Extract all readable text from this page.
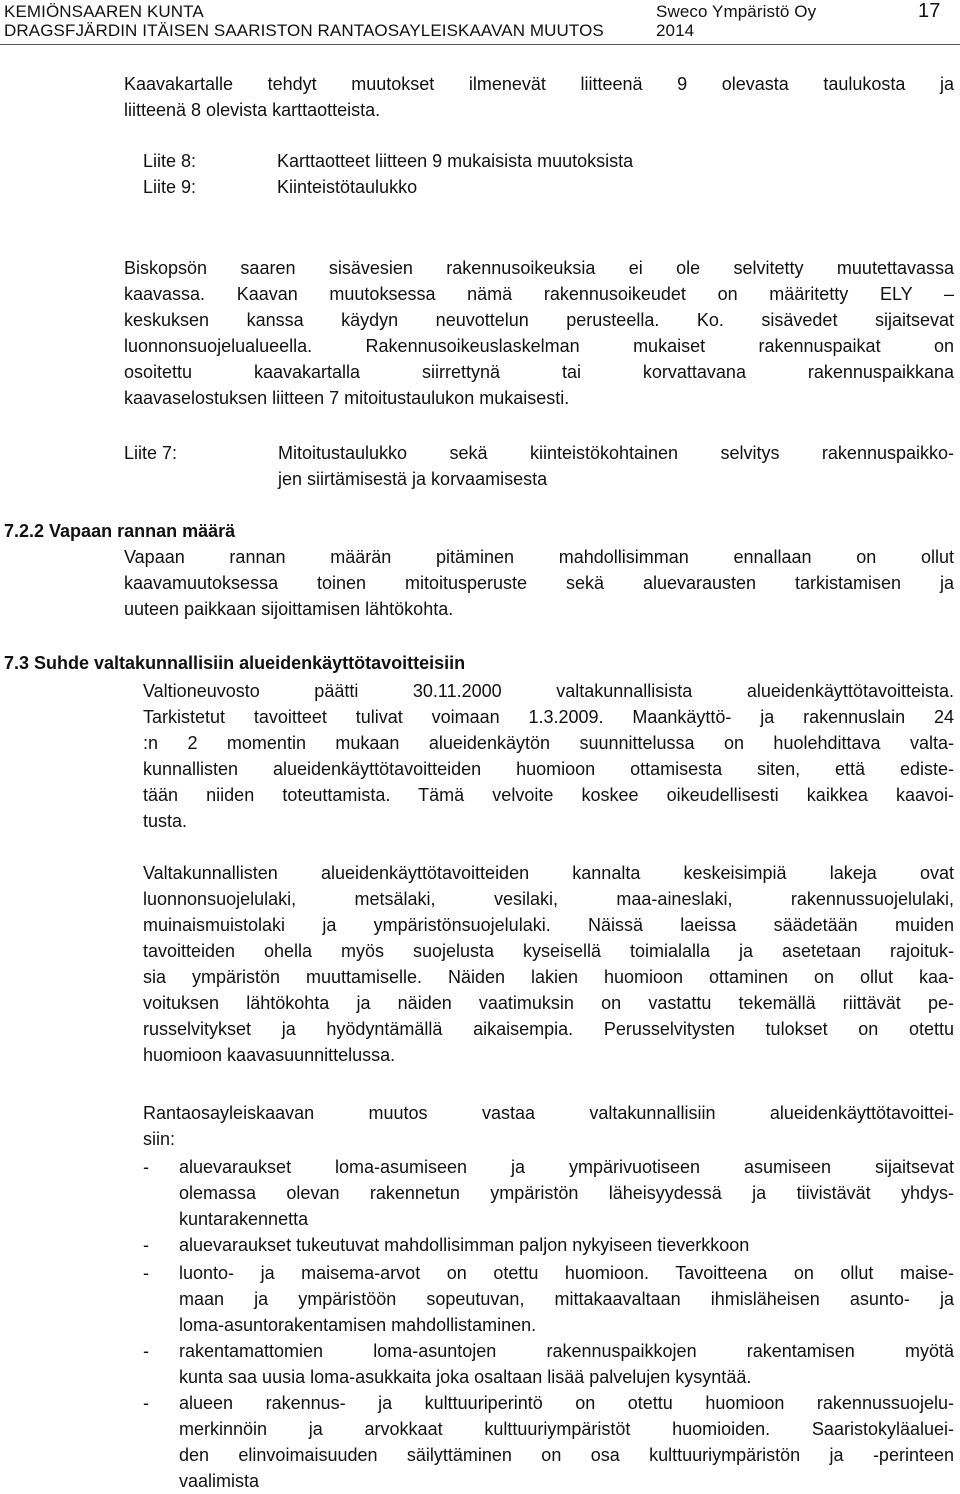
KEMIÖNSAAREN KUNTA
DRAGSFJÄRDIN ITÄISEN SAARISTON RANTAOSAYLEISKAAVAN MUUTOS
Sweco Ympäristö Oy
2014
17
Kaavakartalle tehdyt muutokset ilmenevät liitteenä 9 olevasta taulukosta ja
liitteenä 8 olevista karttaotteista.
Liite 8:	Karttaotteet liitteen 9 mukaisista muutoksista
Liite 9:	Kiinteistötaulukko
Biskopsön saaren sisävesien rakennusoikeuksia ei ole selvitetty muutettavassa
kaavassa. Kaavan muutoksessa nämä rakennusoikeudet on määritetty ELY –
keskuksen kanssa käydyn neuvottelun perusteella. Ko. sisävedet sijaitsevat
luonnonsuojelualueella. Rakennusoikeuslaskelman mukaiset rakennuspaikat on
osoitettu kaavakartalla siirrettynä tai korvattavana rakennuspaikkana
kaavaselostuksen liitteen 7 mitoitustaulukon mukaisesti.
Liite 7:	Mitoitustaulukko sekä kiinteistökohtainen selvitys rakennuspaikko-
jen siirtämisestä ja korvaamisesta
7.2.2 Vapaan rannan määrä
Vapaan rannan määrän pitäminen mahdollisimman ennallaan on ollut
kaavamuutoksessa toinen mitoitusperuste sekä aluevarausten tarkistamisen ja
uuteen paikkaan sijoittamisen lähtökohta.
7.3 Suhde valtakunnallisiin alueidenkäyttötavoitteisiin
Valtioneuvosto päätti 30.11.2000 valtakunnallisista alueidenkäyttötavoitteista.
Tarkistetut tavoitteet tulivat voimaan 1.3.2009. Maankäyttö- ja rakennuslain 24
:n 2 momentin mukaan alueidenkäytön suunnittelussa on huolehdittava valta-
kunnallisten alueidenkäyttötavoitteiden huomioon ottamisesta siten, että ediste-
tään niiden toteuttamista. Tämä velvoite koskee oikeudellisesti kaikkea kaavoi-
tusta.
Valtakunnallisten alueidenkäyttötavoitteiden kannalta keskeisimpiä lakeja ovat
luonnonsuojelulaki, metsälaki, vesilaki, maa-aineslaki, rakennussuojelulaki,
muinaismuistolaki ja ympäristönsuojelulaki. Näissä laeissa säädetään muiden
tavoitteiden ohella myös suojelusta kyseisellä toimialalla ja asetetaan rajoituk-
sia ympäristön muuttamiselle. Näiden lakien huomioon ottaminen on ollut kaa-
voituksen lähtökohta ja näiden vaatimuksin on vastattu tekemällä riittävät pe-
russelvitykset ja hyödyntämällä aikaisempia. Perusselvitysten tulokset on otettu
huomioon kaavasuunnittelussa.
Rantaosayleiskaavan muutos vastaa valtakunnallisiin alueidenkäyttötavoittei-
siin:
- aluevaraukset loma-asumiseen ja ympärivuotiseen asumiseen sijaitsevat
olemassa olevan rakennetun ympäristön läheisyydessä ja tiivistävät yhdys-
kuntarakennetta
- aluevaraukset tukeutuvat mahdollisimman paljon nykyiseen tieverkkoon
- luonto- ja maisema-arvot on otettu huomioon. Tavoitteena on ollut maise-
maan ja ympäristöön sopeutuvan, mittakaavaltaan ihmisläheisen asunto- ja
loma-asuntorakentamisen mahdollistaminen.
- rakentamattomien loma-asuntojen rakennuspaikkojen rakentamisen myötä
kunta saa uusia loma-asukkaita joka osaltaan lisää palvelujen kysyntää.
- alueen rakennus- ja kulttuuriperintö on otettu huomioon rakennussuojelu-
merkinnöin ja arvokkaat kulttuuriympäristöt huomioiden. Saaristokyläaluei-
den elinvoimaisuuden säilyttäminen on osa kulttuuriympäristön ja -perinteen
vaalimista
